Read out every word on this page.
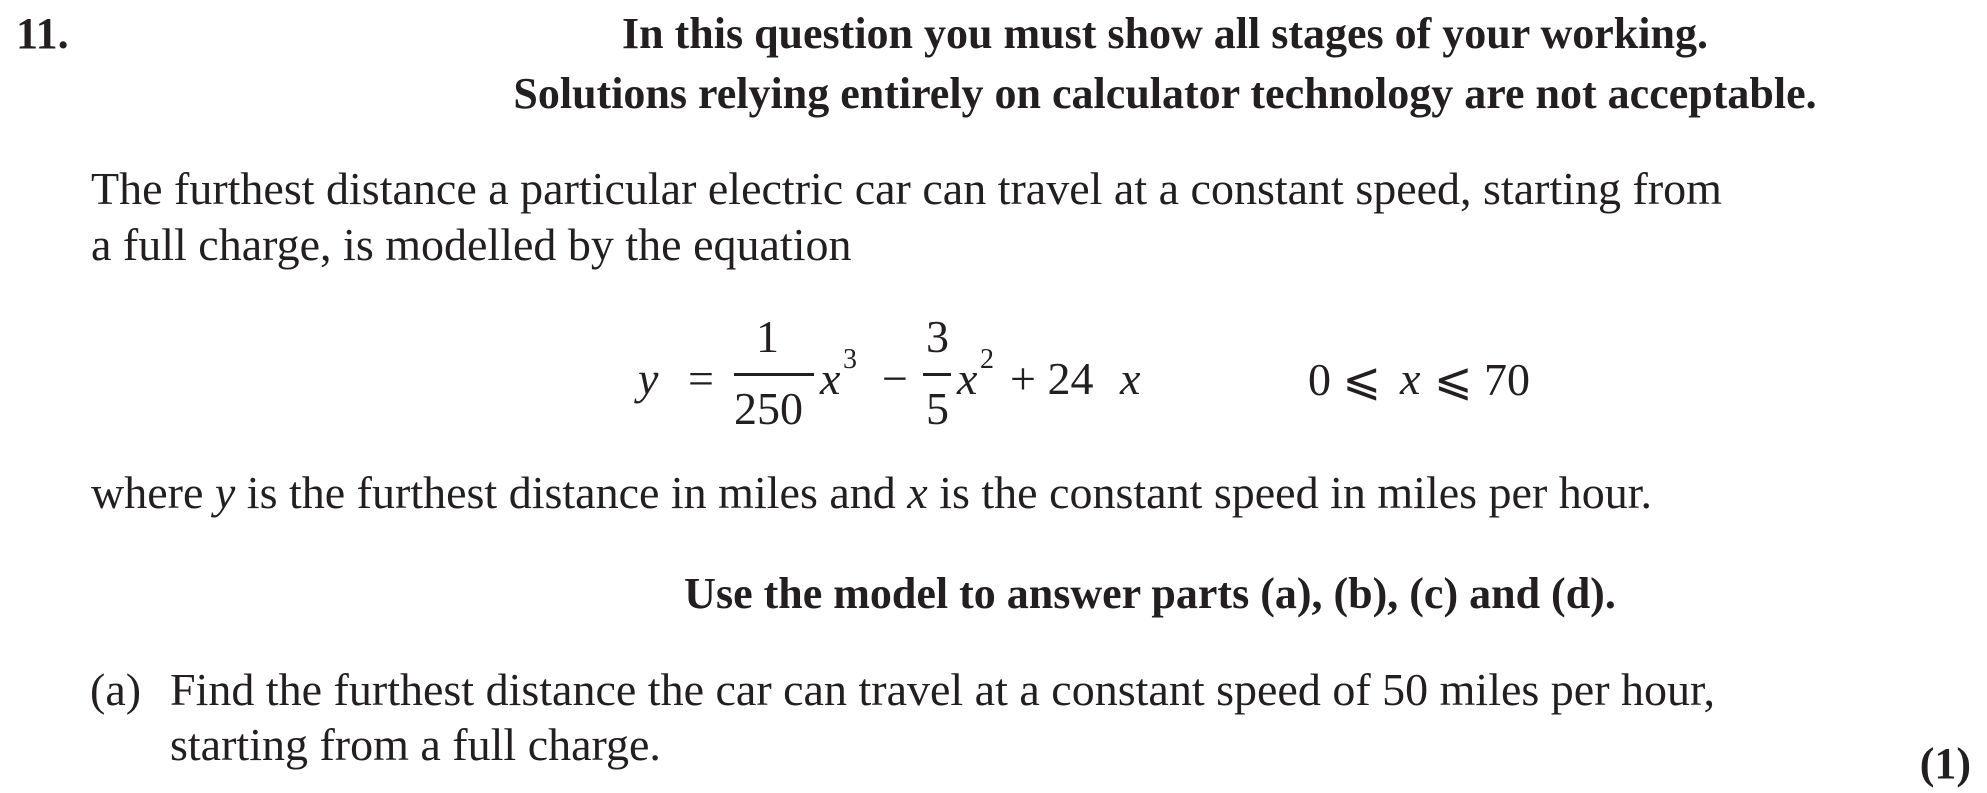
11.	In this question you must show all stages of your working.
Solutions relying entirely on calculator technology are not acceptable.
The furthest distance a particular electric car can travel at a constant speed, starting from
a full charge, is modelled by the equation
y =
1
250
x 3 −
3
5
x 2 + 24 x	0 ⩽ x ⩽ 70
where y is the furthest distance in miles and x is the constant speed in miles per hour.
Use the model to answer parts (a), (b), (c) and (d).
(a) Find the furthest distance the car can travel at a constant speed of 50 miles per hour,
starting from a full charge.	(1)
